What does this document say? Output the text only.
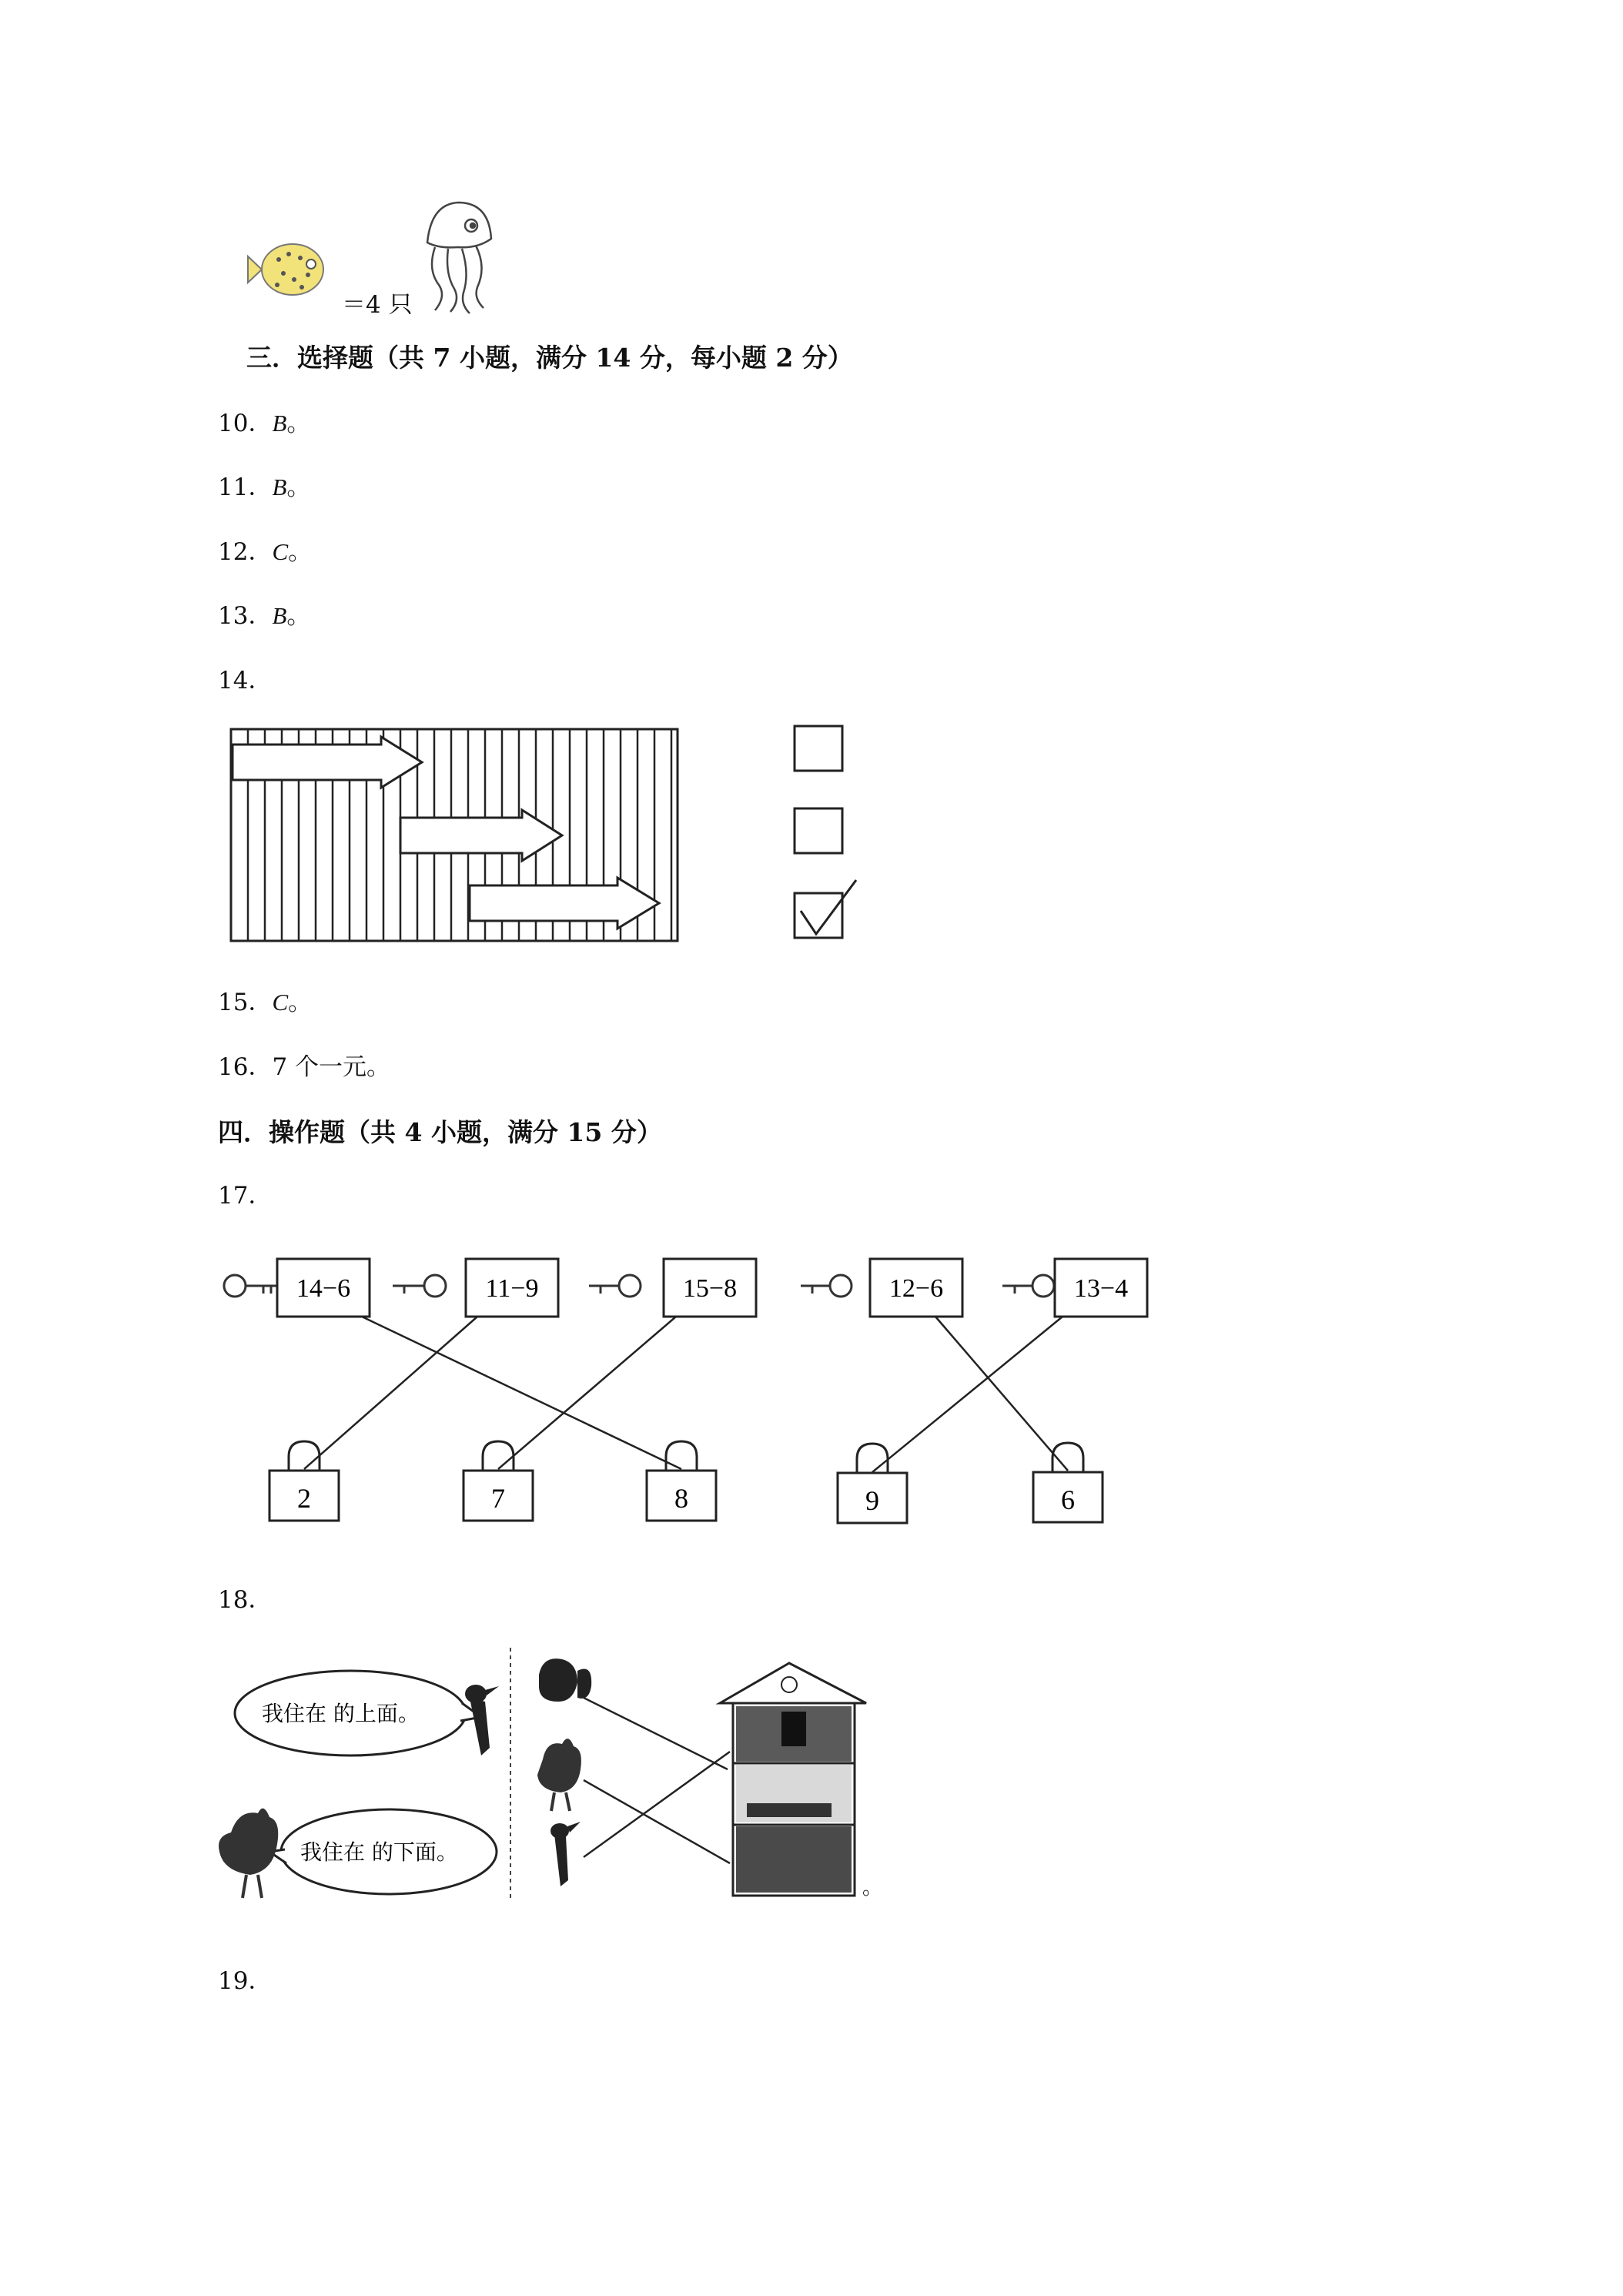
＝4 只
三．选择题（共 7 小题，满分 14 分，每小题 2 分）
10．B。
11．B。
12．C。
13．B。
14．
15．C。
16．7 个一元。
四．操作题（共 4 小题，满分 15 分）
17．
14−6	11−9	15−8	12−6	13−4
2	7	8	9	6
18．
我住在 的上面。
我住在 的下面。
。
19．
